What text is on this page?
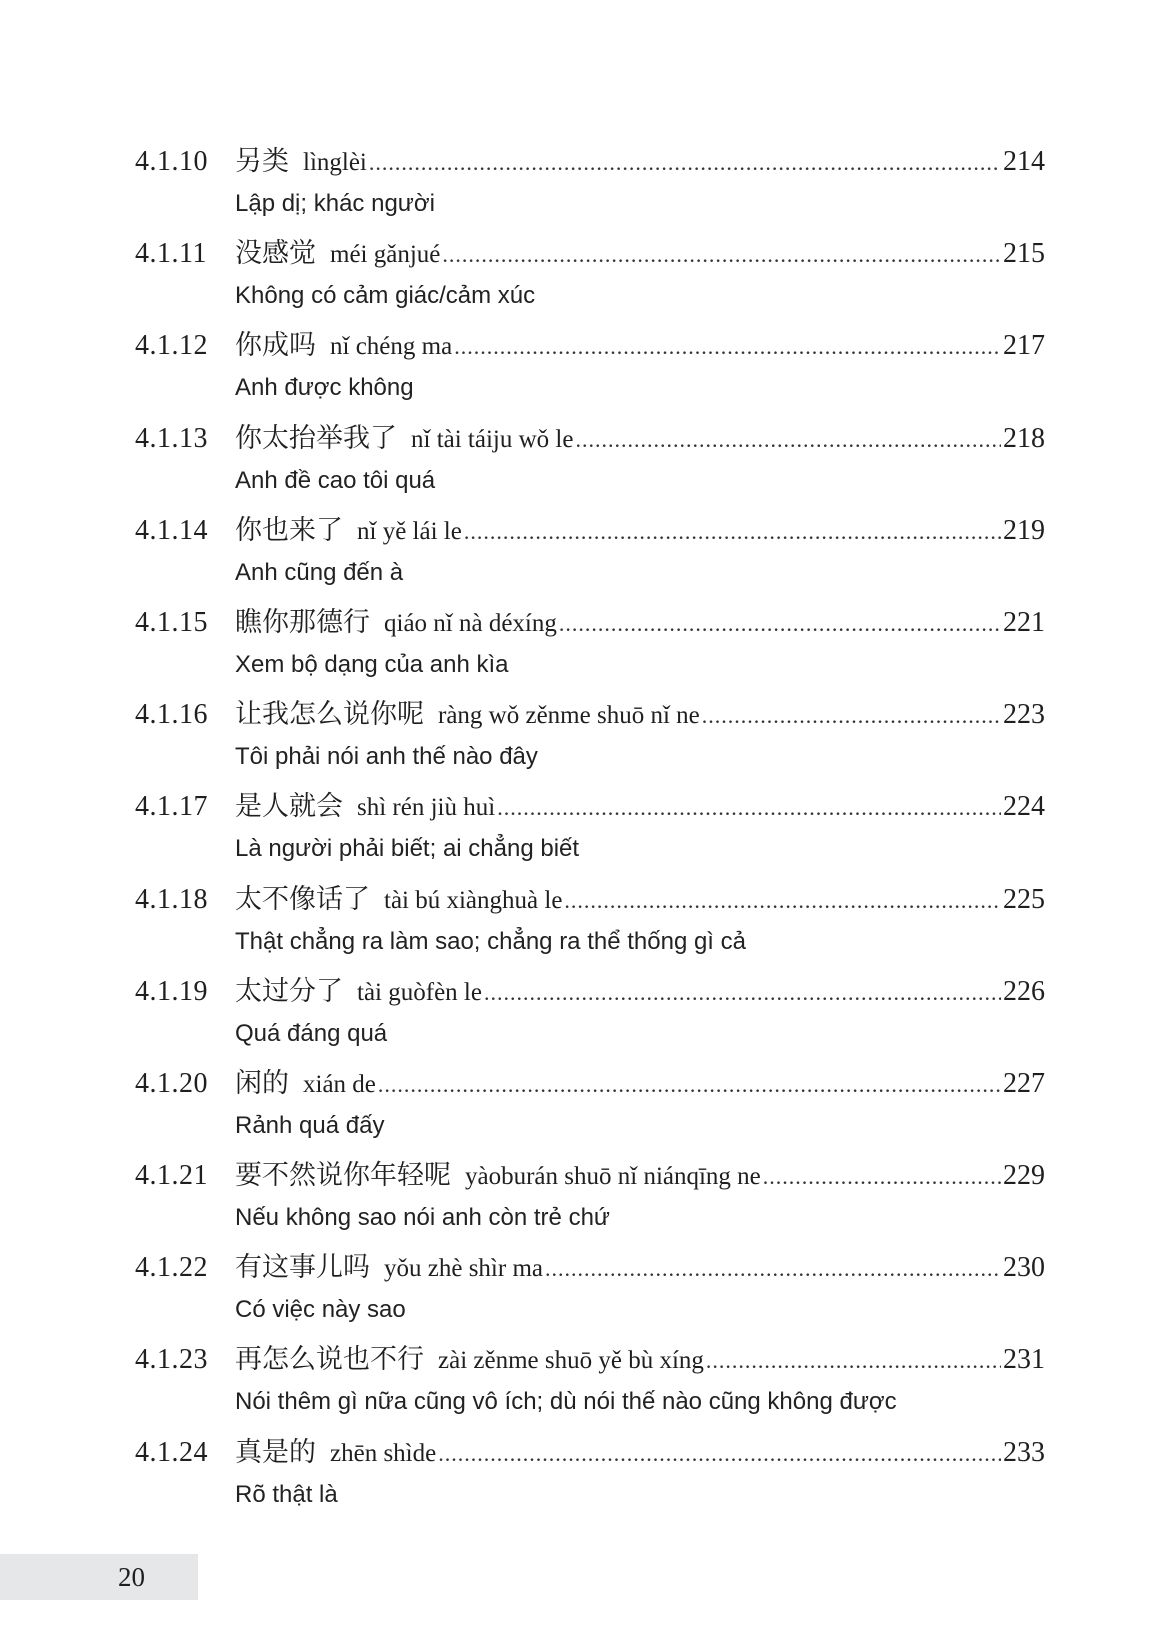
4.1.10	另类 lìnglèi .....	214
Lập dị; khác người
4.1.11	没感觉 méi gǎnjué .....	215
Không có cảm giác/cảm xúc
4.1.12	你成吗 nǐ chéng ma .....	217
Anh được không
4.1.13	你太抬举我了 nǐ tài táiju wǒ le .....	218
Anh đề cao tôi quá
4.1.14	你也来了 nǐ yě lái le .....	219
Anh cũng đến à
4.1.15	瞧你那德行 qiáo nǐ nà déxíng .....	221
Xem bộ dạng của anh kìa
4.1.16	让我怎么说你呢 ràng wǒ zěnme shuō nǐ ne .....	223
Tôi phải nói anh thế nào đây
4.1.17	是人就会 shì rén jiù huì .....	224
Là người phải biết; ai chẳng biết
4.1.18	太不像话了 tài bú xiànghuà le .....	225
Thật chẳng ra làm sao; chẳng ra thể thống gì cả
4.1.19	太过分了 tài guòfèn le .....	226
Quá đáng quá
4.1.20	闲的 xián de .....	227
Rảnh quá đấy
4.1.21	要不然说你年轻呢 yàoburán shuō nǐ niánqīng ne .....	229
Nếu không sao nói anh còn trẻ chứ
4.1.22	有这事儿吗 yǒu zhè shìr ma .....	230
Có việc này sao
4.1.23	再怎么说也不行 zài zěnme shuō yě bù xíng .....	231
Nói thêm gì nữa cũng vô ích; dù nói thế nào cũng không được
4.1.24	真是的 zhēn shìde .....	233
Rõ thật là
20
